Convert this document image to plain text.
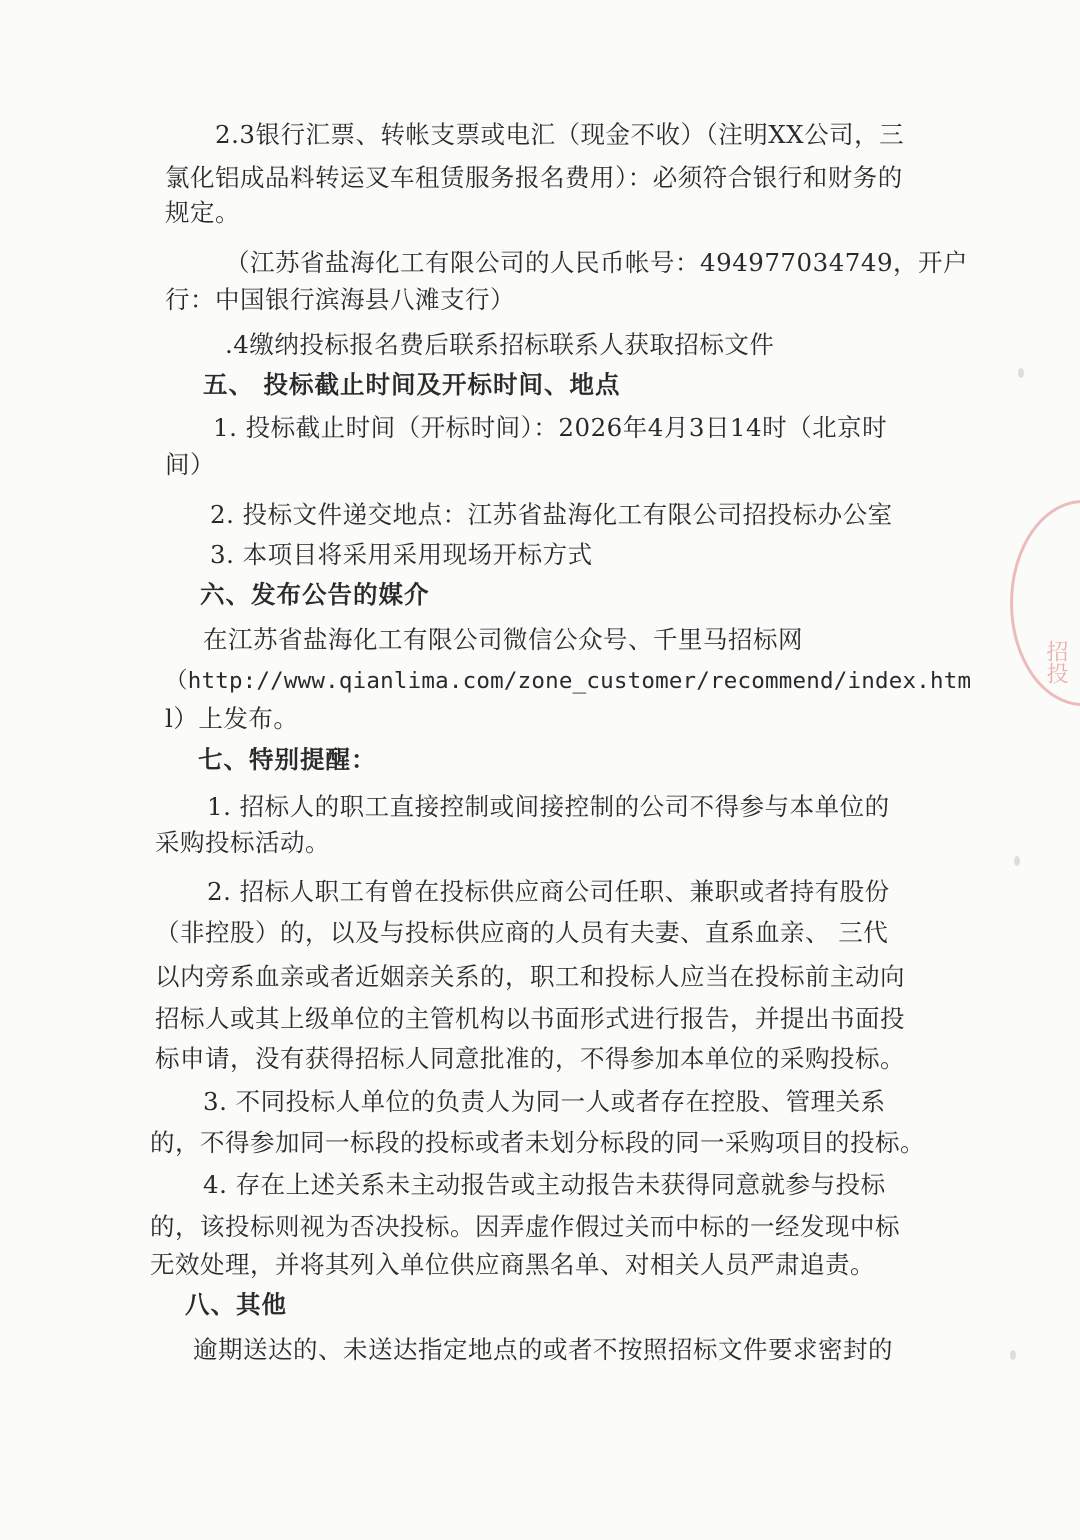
2.3银行汇票、转帐支票或电汇（现金不收）（注明XX公司，三
氯化铝成品料转运叉车租赁服务报名费用）：必须符合银行和财务的
规定。
（江苏省盐海化工有限公司的人民币帐号：494977034749，开户
行：中国银行滨海县八滩支行）
.4缴纳投标报名费后联系招标联系人获取招标文件
五、 投标截止时间及开标时间、地点
1. 投标截止时间（开标时间）：2026年4月3日14时（北京时
间）
2. 投标文件递交地点：江苏省盐海化工有限公司招投标办公室
3. 本项目将采用采用现场开标方式
六、发布公告的媒介
在江苏省盐海化工有限公司微信公众号、千里马招标网
（http://www.qianlima.com/zone_customer/recommend/index.htm
l）上发布。
七、特别提醒：
1. 招标人的职工直接控制或间接控制的公司不得参与本单位的
采购投标活动。
2. 招标人职工有曾在投标供应商公司任职、兼职或者持有股份
（非控股）的，以及与投标供应商的人员有夫妻、直系血亲、 三代
以内旁系血亲或者近姻亲关系的，职工和投标人应当在投标前主动向
招标人或其上级单位的主管机构以书面形式进行报告，并提出书面投
标申请，没有获得招标人同意批准的，不得参加本单位的采购投标。
3. 不同投标人单位的负责人为同一人或者存在控股、管理关系
的，不得参加同一标段的投标或者未划分标段的同一采购项目的投标。
4. 存在上述关系未主动报告或主动报告未获得同意就参与投标
的，该投标则视为否决投标。因弄虚作假过关而中标的一经发现中标
无效处理，并将其列入单位供应商黑名单、对相关人员严肃追责。
八、其他
逾期送达的、未送达指定地点的或者不按照招标文件要求密封的
招投
